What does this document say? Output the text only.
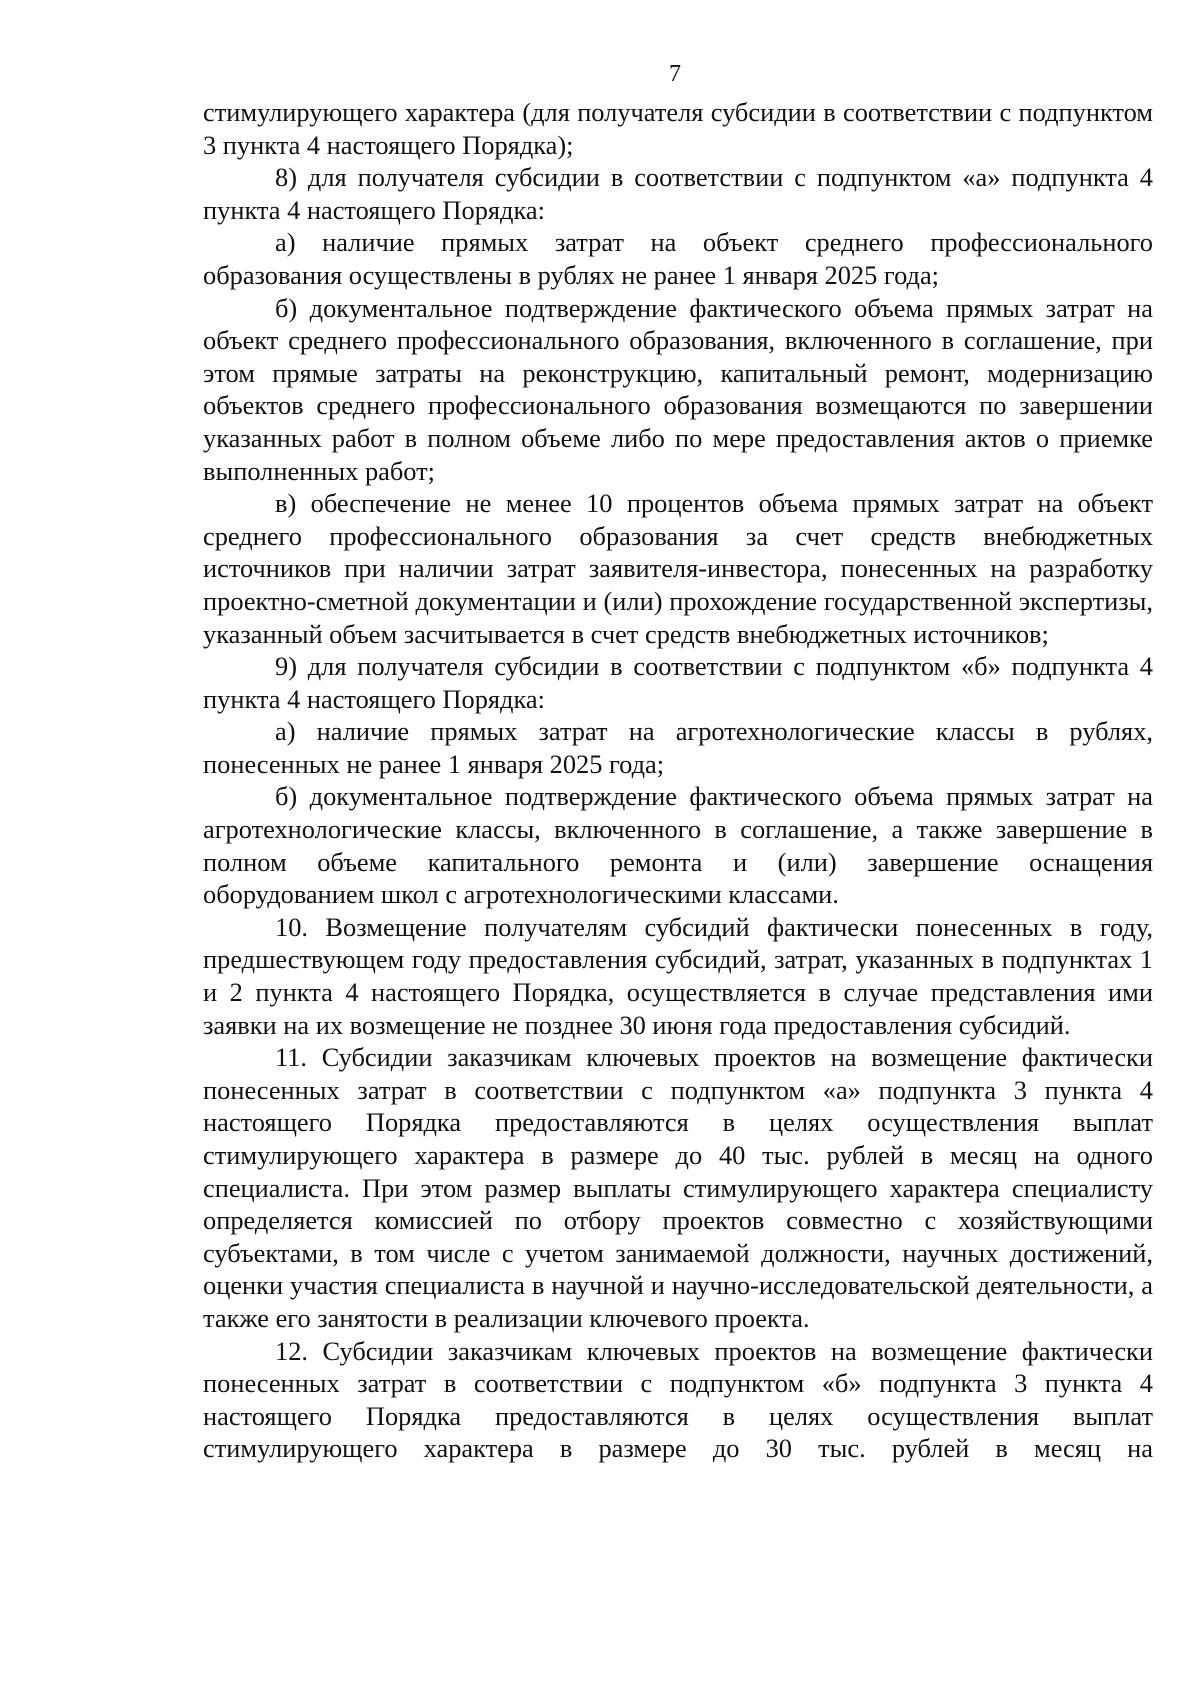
7

стимулирующего характера (для получателя субсидии в соответствии с подпунктом 3 пункта 4 настоящего Порядка);

8) для получателя субсидии в соответствии с подпунктом «а» подпункта 4 пункта 4 настоящего Порядка:

а) наличие прямых затрат на объект среднего профессионального образования осуществлены в рублях не ранее 1 января 2025 года;

б) документальное подтверждение фактического объема прямых затрат на объект среднего профессионального образования, включенного в соглашение, при этом прямые затраты на реконструкцию, капитальный ремонт, модернизацию объектов среднего профессионального образования возмещаются по завершении указанных работ в полном объеме либо по мере предоставления актов о приемке выполненных работ;

в) обеспечение не менее 10 процентов объема прямых затрат на объект среднего профессионального образования за счет средств внебюджетных источников при наличии затрат заявителя-инвестора, понесенных на разработку проектно-сметной документации и (или) прохождение государственной экспертизы, указанный объем засчитывается в счет средств внебюджетных источников;

9) для получателя субсидии в соответствии с подпунктом «б» подпункта 4 пункта 4 настоящего Порядка:

а) наличие прямых затрат на агротехнологические классы в рублях, понесенных не ранее 1 января 2025 года;

б) документальное подтверждение фактического объема прямых затрат на агротехнологические классы, включенного в соглашение, а также завершение в полном объеме капитального ремонта и (или) завершение оснащения оборудованием школ с агротехнологическими классами.

10. Возмещение получателям субсидий фактически понесенных в году, предшествующем году предоставления субсидий, затрат, указанных в подпунктах 1 и 2 пункта 4 настоящего Порядка, осуществляется в случае представления ими заявки на их возмещение не позднее 30 июня года предоставления субсидий.

11. Субсидии заказчикам ключевых проектов на возмещение фактически понесенных затрат в соответствии с подпунктом «а» подпункта 3 пункта 4 настоящего Порядка предоставляются в целях осуществления выплат стимулирующего характера в размере до 40 тыс. рублей в месяц на одного специалиста. При этом размер выплаты стимулирующего характера специалисту определяется комиссией по отбору проектов совместно с хозяйствующими субъектами, в том числе с учетом занимаемой должности, научных достижений, оценки участия специалиста в научной и научно-исследовательской деятельности, а также его занятости в реализации ключевого проекта.

12. Субсидии заказчикам ключевых проектов на возмещение фактически понесенных затрат в соответствии с подпунктом «б» подпункта 3 пункта 4 настоящего Порядка предоставляются в целях осуществления выплат стимулирующего характера в размере до 30 тыс. рублей в месяц на
